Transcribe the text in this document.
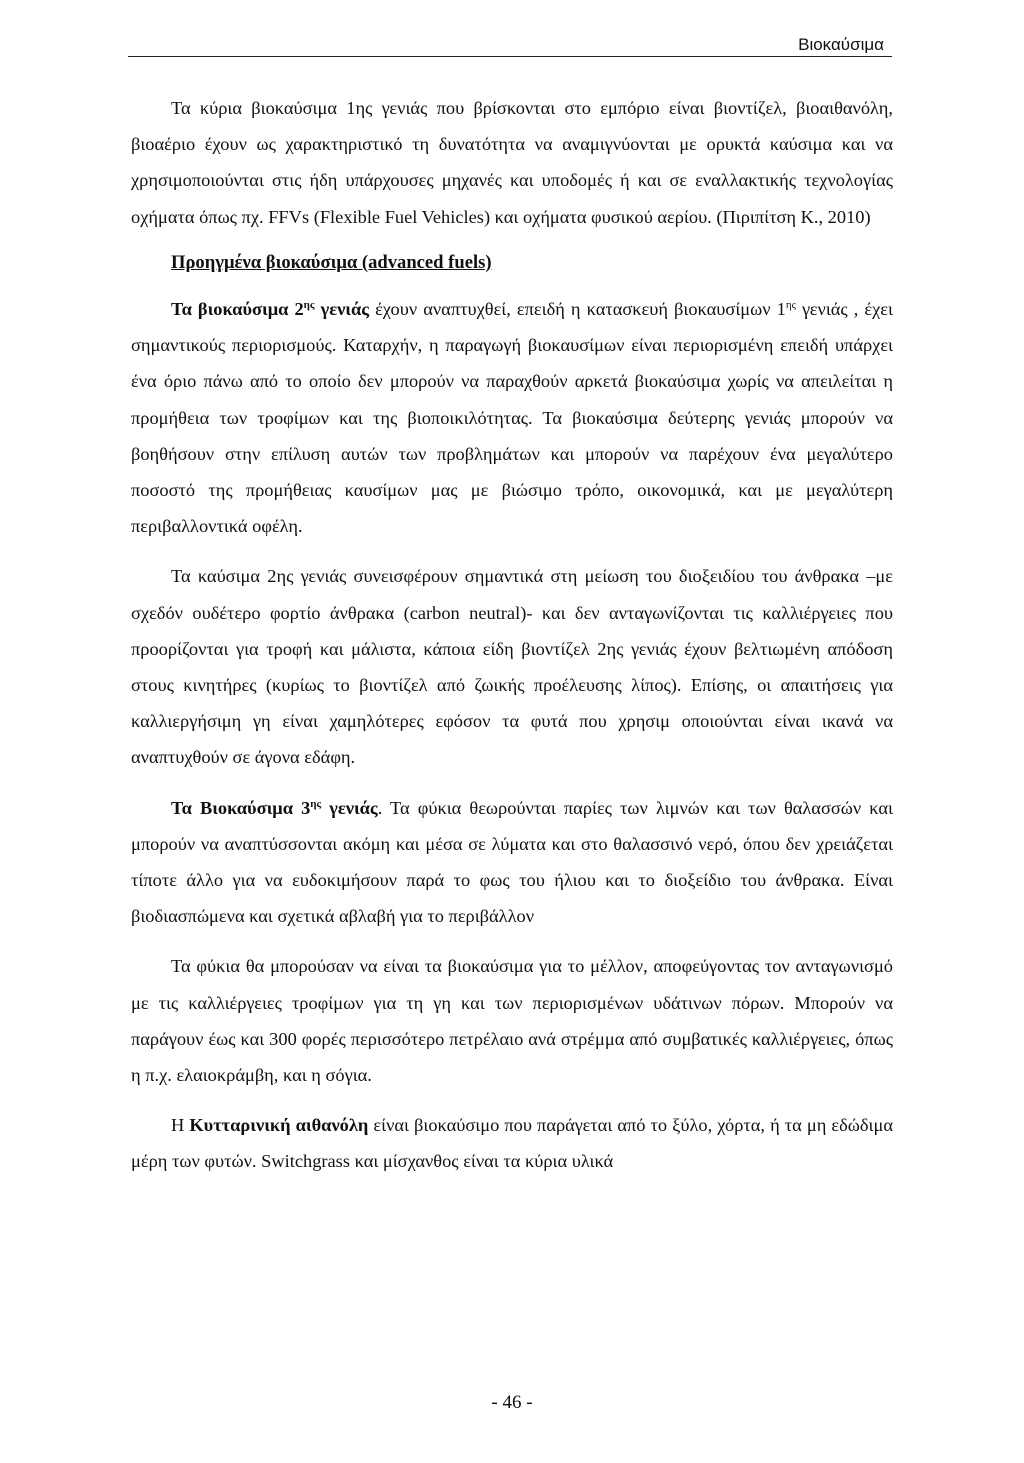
Βιοκαύσιμα

Τα κύρια βιοκαύσιμα 1ης γενιάς που βρίσκονται στο εμπόριο είναι βιοντίζελ, βιοαιθανόλη, βιοαέριο έχουν ως χαρακτηριστικό τη δυνατότητα να αναμιγνύονται με ορυκτά καύσιμα και να χρησιμοποιούνται στις ήδη υπάρχουσες μηχανές και υποδομές ή και σε εναλλακτικής τεχνολογίας οχήματα όπως πχ. FFVs (Flexible Fuel Vehicles) και οχήματα φυσικού αερίου. (Πιριπίτση Κ., 2010)

Προηγμένα βιοκαύσιμα (advanced fuels)

Τα βιοκαύσιμα $2^{\eta\varsigma}$ γενιάς έχουν αναπτυχθεί, επειδή η κατασκευή βιοκαυσίμων $1^{\eta\varsigma}$ γενιάς , έχει σημαντικούς περιορισμούς. Καταρχήν, η παραγωγή βιοκαυσίμων είναι περιορισμένη επειδή υπάρχει ένα όριο πάνω από το οποίο δεν μπορούν να παραχθούν αρκετά βιοκαύσιμα χωρίς να απειλείται η προμήθεια των τροφίμων και της βιοποικιλότητας. Τα βιοκαύσιμα δεύτερης γενιάς μπορούν να βοηθήσουν στην επίλυση αυτών των προβλημάτων και μπορούν να παρέχουν ένα μεγαλύτερο ποσοστό της προμήθειας καυσίμων μας με βιώσιμο τρόπο, οικονομικά, και με μεγαλύτερη περιβαλλοντικά οφέλη.

Τα καύσιμα 2ης γενιάς συνεισφέρουν σημαντικά στη μείωση του διοξειδίου του άνθρακα –με σχεδόν ουδέτερο φορτίο άνθρακα (carbon neutral)- και δεν ανταγωνίζονται τις καλλιέργειες που προορίζονται για τροφή και μάλιστα, κάποια είδη βιοντίζελ 2ης γενιάς έχουν βελτιωμένη απόδοση στους κινητήρες (κυρίως το βιοντίζελ από ζωικής προέλευσης λίπος). Επίσης, οι απαιτήσεις για καλλιεργήσιμη γη είναι χαμηλότερες εφόσον τα φυτά που χρησιμ οποιούνται είναι ικανά να αναπτυχθούν σε άγονα εδάφη.

Τα Βιοκαύσιμα $3^{\eta\varsigma}$ γενιάς. Τα φύκια θεωρούνται παρίες των λιμνών και των θαλασσών και μπορούν να αναπτύσσονται ακόμη και μέσα σε λύματα και στο θαλασσινό νερό, όπου δεν χρειάζεται τίποτε άλλο για να ευδοκιμήσουν παρά το φως του ήλιου και το διοξείδιο του άνθρακα. Είναι βιοδιασπώμενα και σχετικά αβλαβή για το περιβάλλον

Τα φύκια θα μπορούσαν να είναι τα βιοκαύσιμα για το μέλλον, αποφεύγοντας τον ανταγωνισμό με τις καλλιέργειες τροφίμων για τη γη και των περιορισμένων υδάτινων πόρων. Μπορούν να παράγουν έως και 300 φορές περισσότερο πετρέλαιο ανά στρέμμα από συμβατικές καλλιέργειες, όπως η π.χ. ελαιοκράμβη, και η σόγια.

Η Κυτταρινική αιθανόλη είναι βιοκαύσιμο που παράγεται από το ξύλο, χόρτα, ή τα μη εδώδιμα μέρη των φυτών. Switchgrass και μίσχανθος είναι τα κύρια υλικά

- 46 -
